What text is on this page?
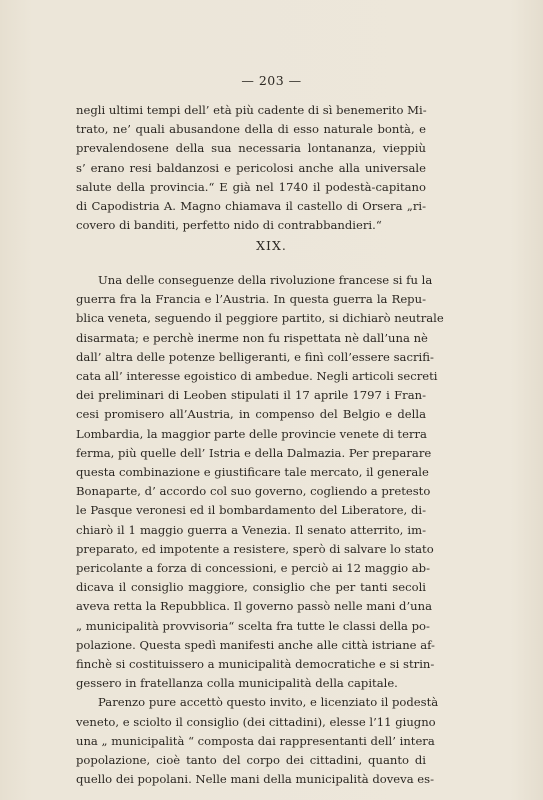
— 203 —
negli ultimi tempi dell’ età più cadente di sì benemerito Mi-
trato, ne’ quali abusandone della di esso naturale bontà, e
prevalendosene della sua necessaria lontananza, vieppiù
s’ erano resi baldanzosi e pericolosi anche alla universale
salute della provincia.“ E già nel 1740 il podestà-capitano
di Capodistria A. Magno chiamava il castello di Orsera „ri-
covero di banditi, perfetto nido di contrabbandieri.“
XIX.
Una delle conseguenze della rivoluzione francese si fu la
guerra fra la Francia e l’Austria. In questa guerra la Repu-
blica veneta, seguendo il peggiore partito, si dichiarò neutrale
disarmata; e perchè inerme non fu rispettata nè dall’una nè
dall’ altra delle potenze belligeranti, e finì coll’essere sacrifi-
cata all’ interesse egoistico di ambedue. Negli articoli secreti
dei preliminari di Leoben stipulati il 17 aprile 1797 i Fran-
cesi promisero all’Austria, in compenso del Belgio e della
Lombardia, la maggior parte delle provincie venete di terra
ferma, più quelle dell’ Istria e della Dalmazia. Per preparare
questa combinazione e giustificare tale mercato, il generale
Bonaparte, d’ accordo col suo governo, cogliendo a pretesto
le Pasque veronesi ed il bombardamento del Liberatore, di-
chiarò il 1 maggio guerra a Venezia. Il senato atterrito, im-
preparato, ed impotente a resistere, sperò di salvare lo stato
pericolante a forza di concessioni, e perciò ai 12 maggio ab-
dicava il consiglio maggiore, consiglio che per tanti secoli
aveva retta la Repubblica. Il governo passò nelle mani d’una
„ municipalità provvisoria“ scelta fra tutte le classi della po-
polazione. Questa spedì manifesti anche alle città istriane af-
finchè si costituissero a municipalità democratiche e si strin-
gessero in fratellanza colla municipalità della capitale.
Parenzo pure accettò questo invito, e licenziato il podestà
veneto, e sciolto il consiglio (dei cittadini), elesse l’11 giugno
una „ municipalità “ composta dai rappresentanti dell’ intera
popolazione, cioè tanto del corpo dei cittadini, quanto di
quello dei popolani. Nelle mani della municipalità doveva es-
